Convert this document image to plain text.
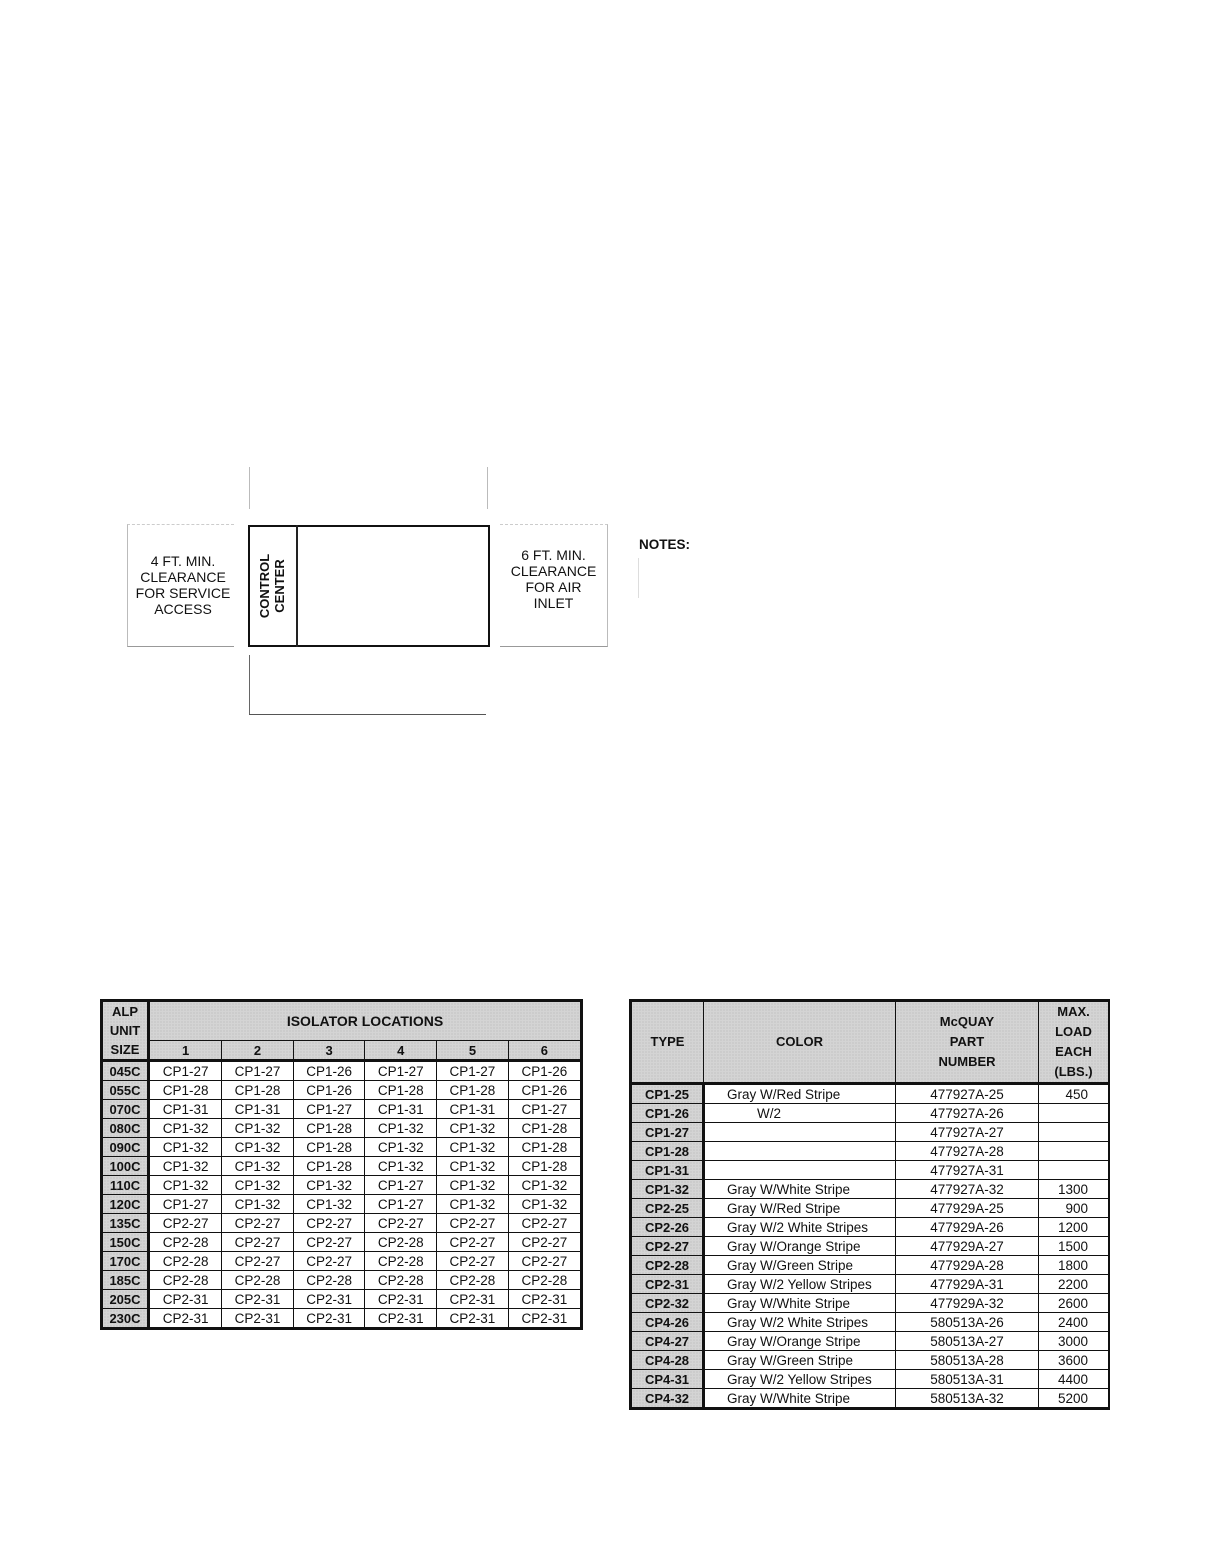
4 FT. MIN.
CLEARANCE
FOR SERVICE
ACCESS	CONTROL
CENTER
6 FT. MIN.
CLEARANCE
FOR AIR
INLET
NOTES:
ALP
UNIT
SIZE	ISOLATOR LOCATIONS					
	1	2	3	4	5	6
045C	CP1-27	CP1-27	CP1-26	CP1-27	CP1-27	CP1-26
055C	CP1-28	CP1-28	CP1-26	CP1-28	CP1-28	CP1-26
070C	CP1-31	CP1-31	CP1-27	CP1-31	CP1-31	CP1-27
080C	CP1-32	CP1-32	CP1-28	CP1-32	CP1-32	CP1-28
090C	CP1-32	CP1-32	CP1-28	CP1-32	CP1-32	CP1-28
100C	CP1-32	CP1-32	CP1-28	CP1-32	CP1-32	CP1-28
110C	CP1-32	CP1-32	CP1-32	CP1-27	CP1-32	CP1-32
120C	CP1-27	CP1-32	CP1-32	CP1-27	CP1-32	CP1-32
135C	CP2-27	CP2-27	CP2-27	CP2-27	CP2-27	CP2-27
150C	CP2-28	CP2-27	CP2-27	CP2-28	CP2-27	CP2-27
170C	CP2-28	CP2-27	CP2-27	CP2-28	CP2-27	CP2-27
185C	CP2-28	CP2-28	CP2-28	CP2-28	CP2-28	CP2-28
205C	CP2-31	CP2-31	CP2-31	CP2-31	CP2-31	CP2-31
230C	CP2-31	CP2-31	CP2-31	CP2-31	CP2-31	CP2-31
TYPE	COLOR	McQUAY
PART
NUMBER	MAX.
LOAD
EACH
(LBS.)
CP1-25	Gray W/Red Stripe	477927A-25	450
CP1-26	W/2	477927A-26	
CP1-27		477927A-27	
CP1-28		477927A-28	
CP1-31		477927A-31	
CP1-32	Gray W/White Stripe	477927A-32	1300
CP2-25	Gray W/Red Stripe	477929A-25	900
CP2-26	Gray W/2 White Stripes	477929A-26	1200
CP2-27	Gray W/Orange Stripe	477929A-27	1500
CP2-28	Gray W/Green Stripe	477929A-28	1800
CP2-31	Gray W/2 Yellow Stripes	477929A-31	2200
CP2-32	Gray W/White Stripe	477929A-32	2600
CP4-26	Gray W/2 White Stripes	580513A-26	2400
CP4-27	Gray W/Orange Stripe	580513A-27	3000
CP4-28	Gray W/Green Stripe	580513A-28	3600
CP4-31	Gray W/2 Yellow Stripes	580513A-31	4400
CP4-32	Gray W/White Stripe	580513A-32	5200
